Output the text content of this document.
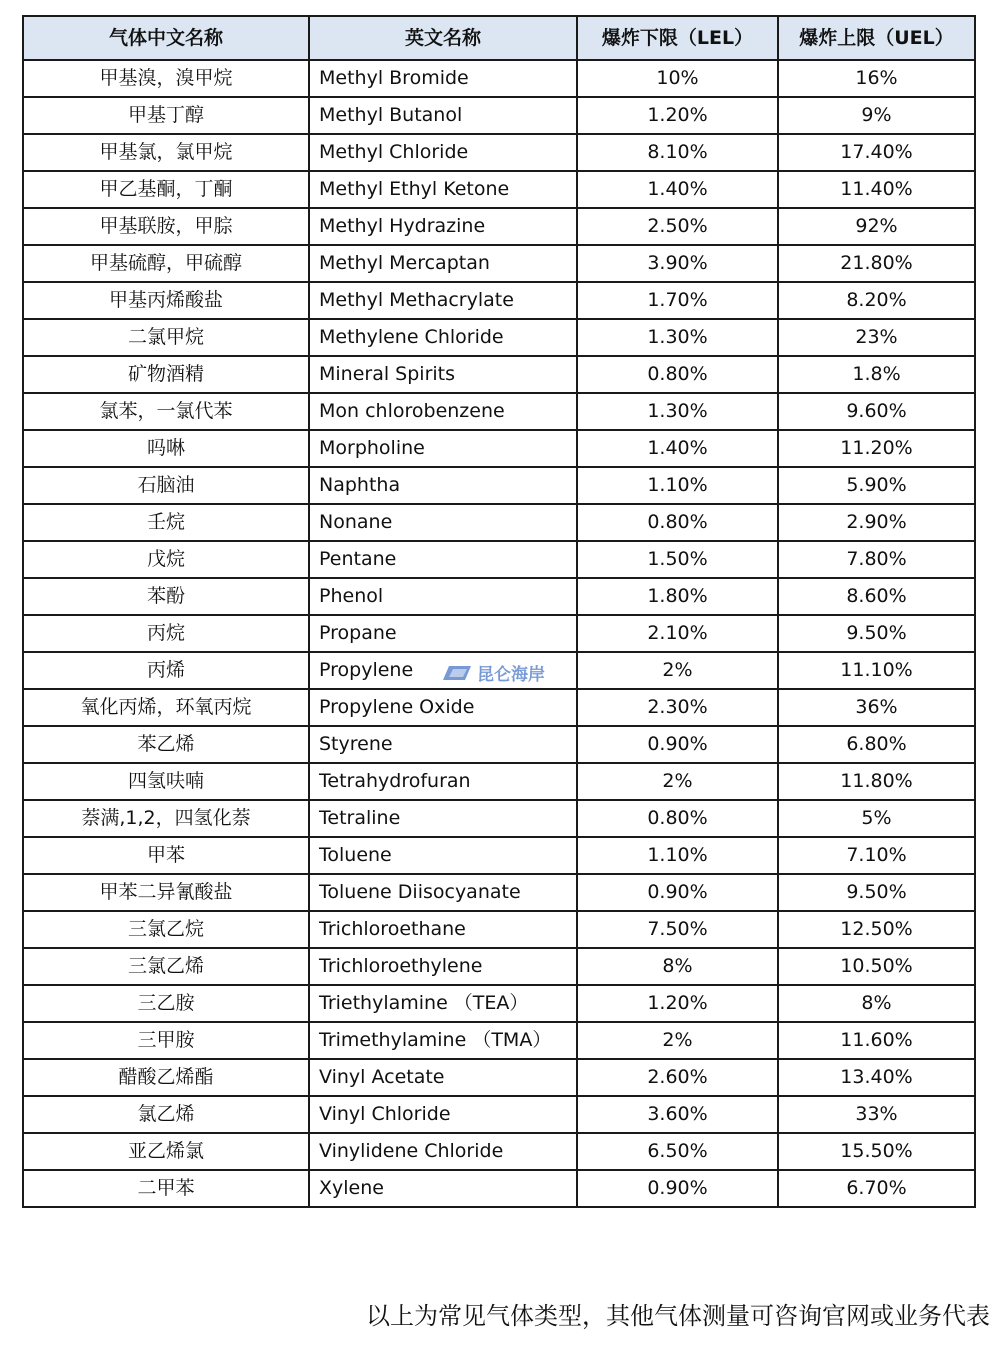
气体中文名称	英文名称	爆炸下限（LEL）	爆炸上限（UEL）
甲基溴，溴甲烷	Methyl Bromide	10%	16%
甲基丁醇	Methyl Butanol	1.20%	9%
甲基氯，氯甲烷	Methyl Chloride	8.10%	17.40%
甲乙基酮，丁酮	Methyl Ethyl Ketone	1.40%	11.40%
甲基联胺，甲腙	Methyl Hydrazine	2.50%	92%
甲基硫醇，甲硫醇	Methyl Mercaptan	3.90%	21.80%
甲基丙烯酸盐	Methyl Methacrylate	1.70%	8.20%
二氯甲烷	Methylene Chloride	1.30%	23%
矿物酒精	Mineral Spirits	0.80%	1.8%
氯苯，一氯代苯	Mon chlorobenzene	1.30%	9.60%
吗啉	Morpholine	1.40%	11.20%
石脑油	Naphtha	1.10%	5.90%
壬烷	Nonane	0.80%	2.90%
戊烷	Pentane	1.50%	7.80%
苯酚	Phenol	1.80%	8.60%
丙烷	Propane	2.10%	9.50%
丙烯	Propylene	2%	11.10%
氧化丙烯，环氧丙烷	Propylene Oxide	2.30%	36%
苯乙烯	Styrene	0.90%	6.80%
四氢呋喃	Tetrahydrofuran	2%	11.80%
萘满,1,2，四氢化萘	Tetraline	0.80%	5%
甲苯	Toluene	1.10%	7.10%
甲苯二异氰酸盐	Toluene Diisocyanate	0.90%	9.50%
三氯乙烷	Trichloroethane	7.50%	12.50%
三氯乙烯	Trichloroethylene	8%	10.50%
三乙胺	Triethylamine （TEA）	1.20%	8%
三甲胺	Trimethylamine （TMA）	2%	11.60%
醋酸乙烯酯	Vinyl Acetate	2.60%	13.40%
氯乙烯	Vinyl Chloride	3.60%	33%
亚乙烯氯	Vinylidene Chloride	6.50%	15.50%
二甲苯	Xylene	0.90%	6.70%
昆仑海岸
以上为常见气体类型，其他气体测量可咨询官网或业务代表
